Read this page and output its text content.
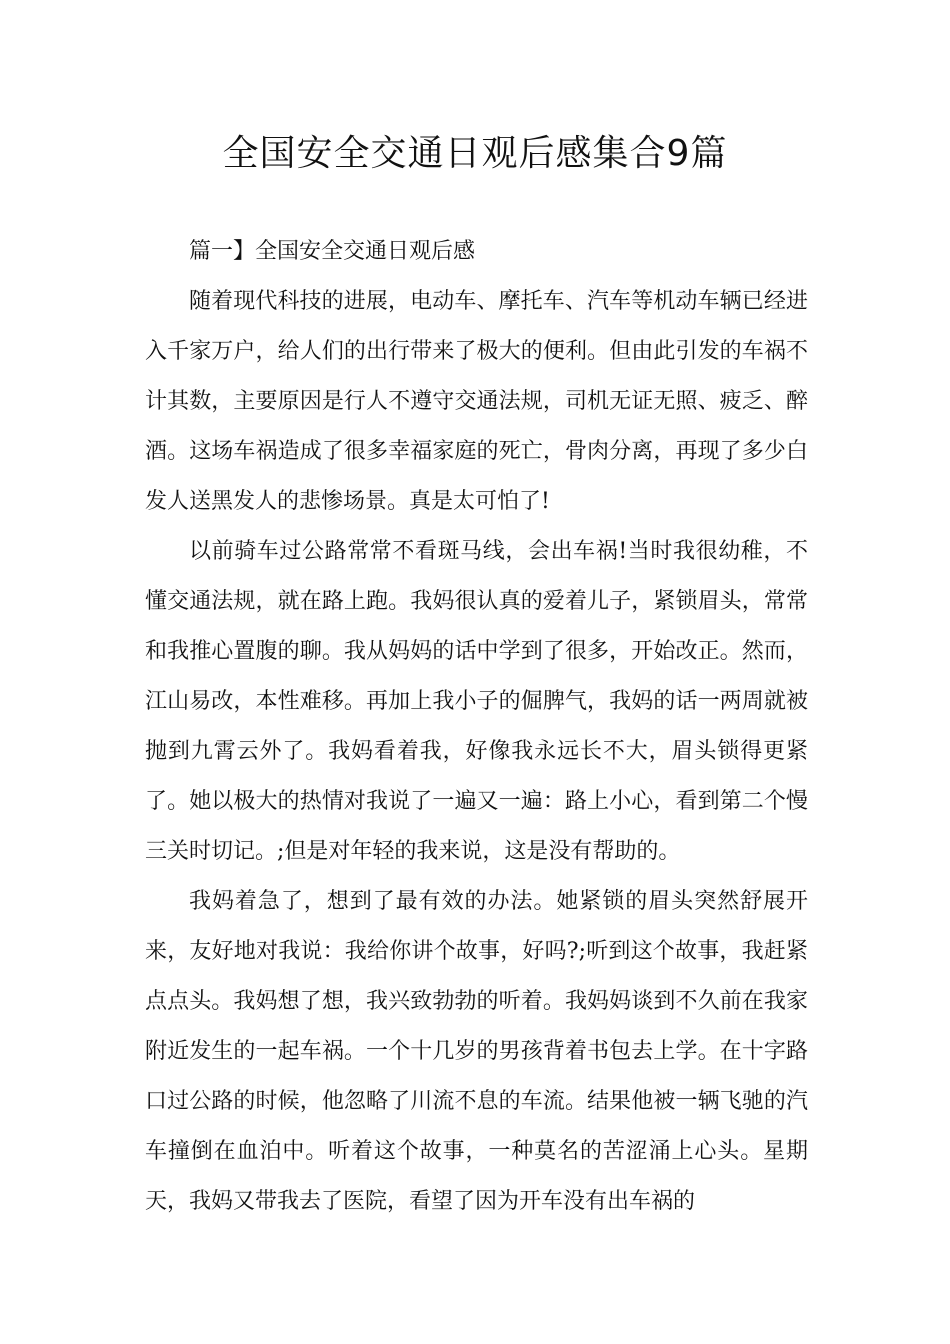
全国安全交通日观后感集合9篇

篇一】全国安全交通日观后感

随着现代科技的进展，电动车、摩托车、汽车等机动车辆已经进入千家万户，给人们的出行带来了极大的便利。但由此引发的车祸不计其数，主要原因是行人不遵守交通法规，司机无证无照、疲乏、醉酒。这场车祸造成了很多幸福家庭的死亡，骨肉分离，再现了多少白发人送黑发人的悲惨场景。真是太可怕了!

以前骑车过公路常常不看斑马线，会出车祸!当时我很幼稚，不懂交通法规，就在路上跑。我妈很认真的爱着儿子，紧锁眉头，常常和我推心置腹的聊。我从妈妈的话中学到了很多，开始改正。然而，江山易改，本性难移。再加上我小子的倔脾气，我妈的话一两周就被抛到九霄云外了。我妈看着我，好像我永远长不大，眉头锁得更紧了。她以极大的热情对我说了一遍又一遍：路上小心，看到第二个慢三关时切记。;但是对年轻的我来说，这是没有帮助的。

我妈着急了，想到了最有效的办法。她紧锁的眉头突然舒展开来，友好地对我说：我给你讲个故事，好吗?;听到这个故事，我赶紧点点头。我妈想了想，我兴致勃勃的听着。我妈妈谈到不久前在我家附近发生的一起车祸。一个十几岁的男孩背着书包去上学。在十字路口过公路的时候，他忽略了川流不息的车流。结果他被一辆飞驰的汽车撞倒在血泊中。听着这个故事，一种莫名的苦涩涌上心头。星期天，我妈又带我去了医院，看望了因为开车没有出车祸的
